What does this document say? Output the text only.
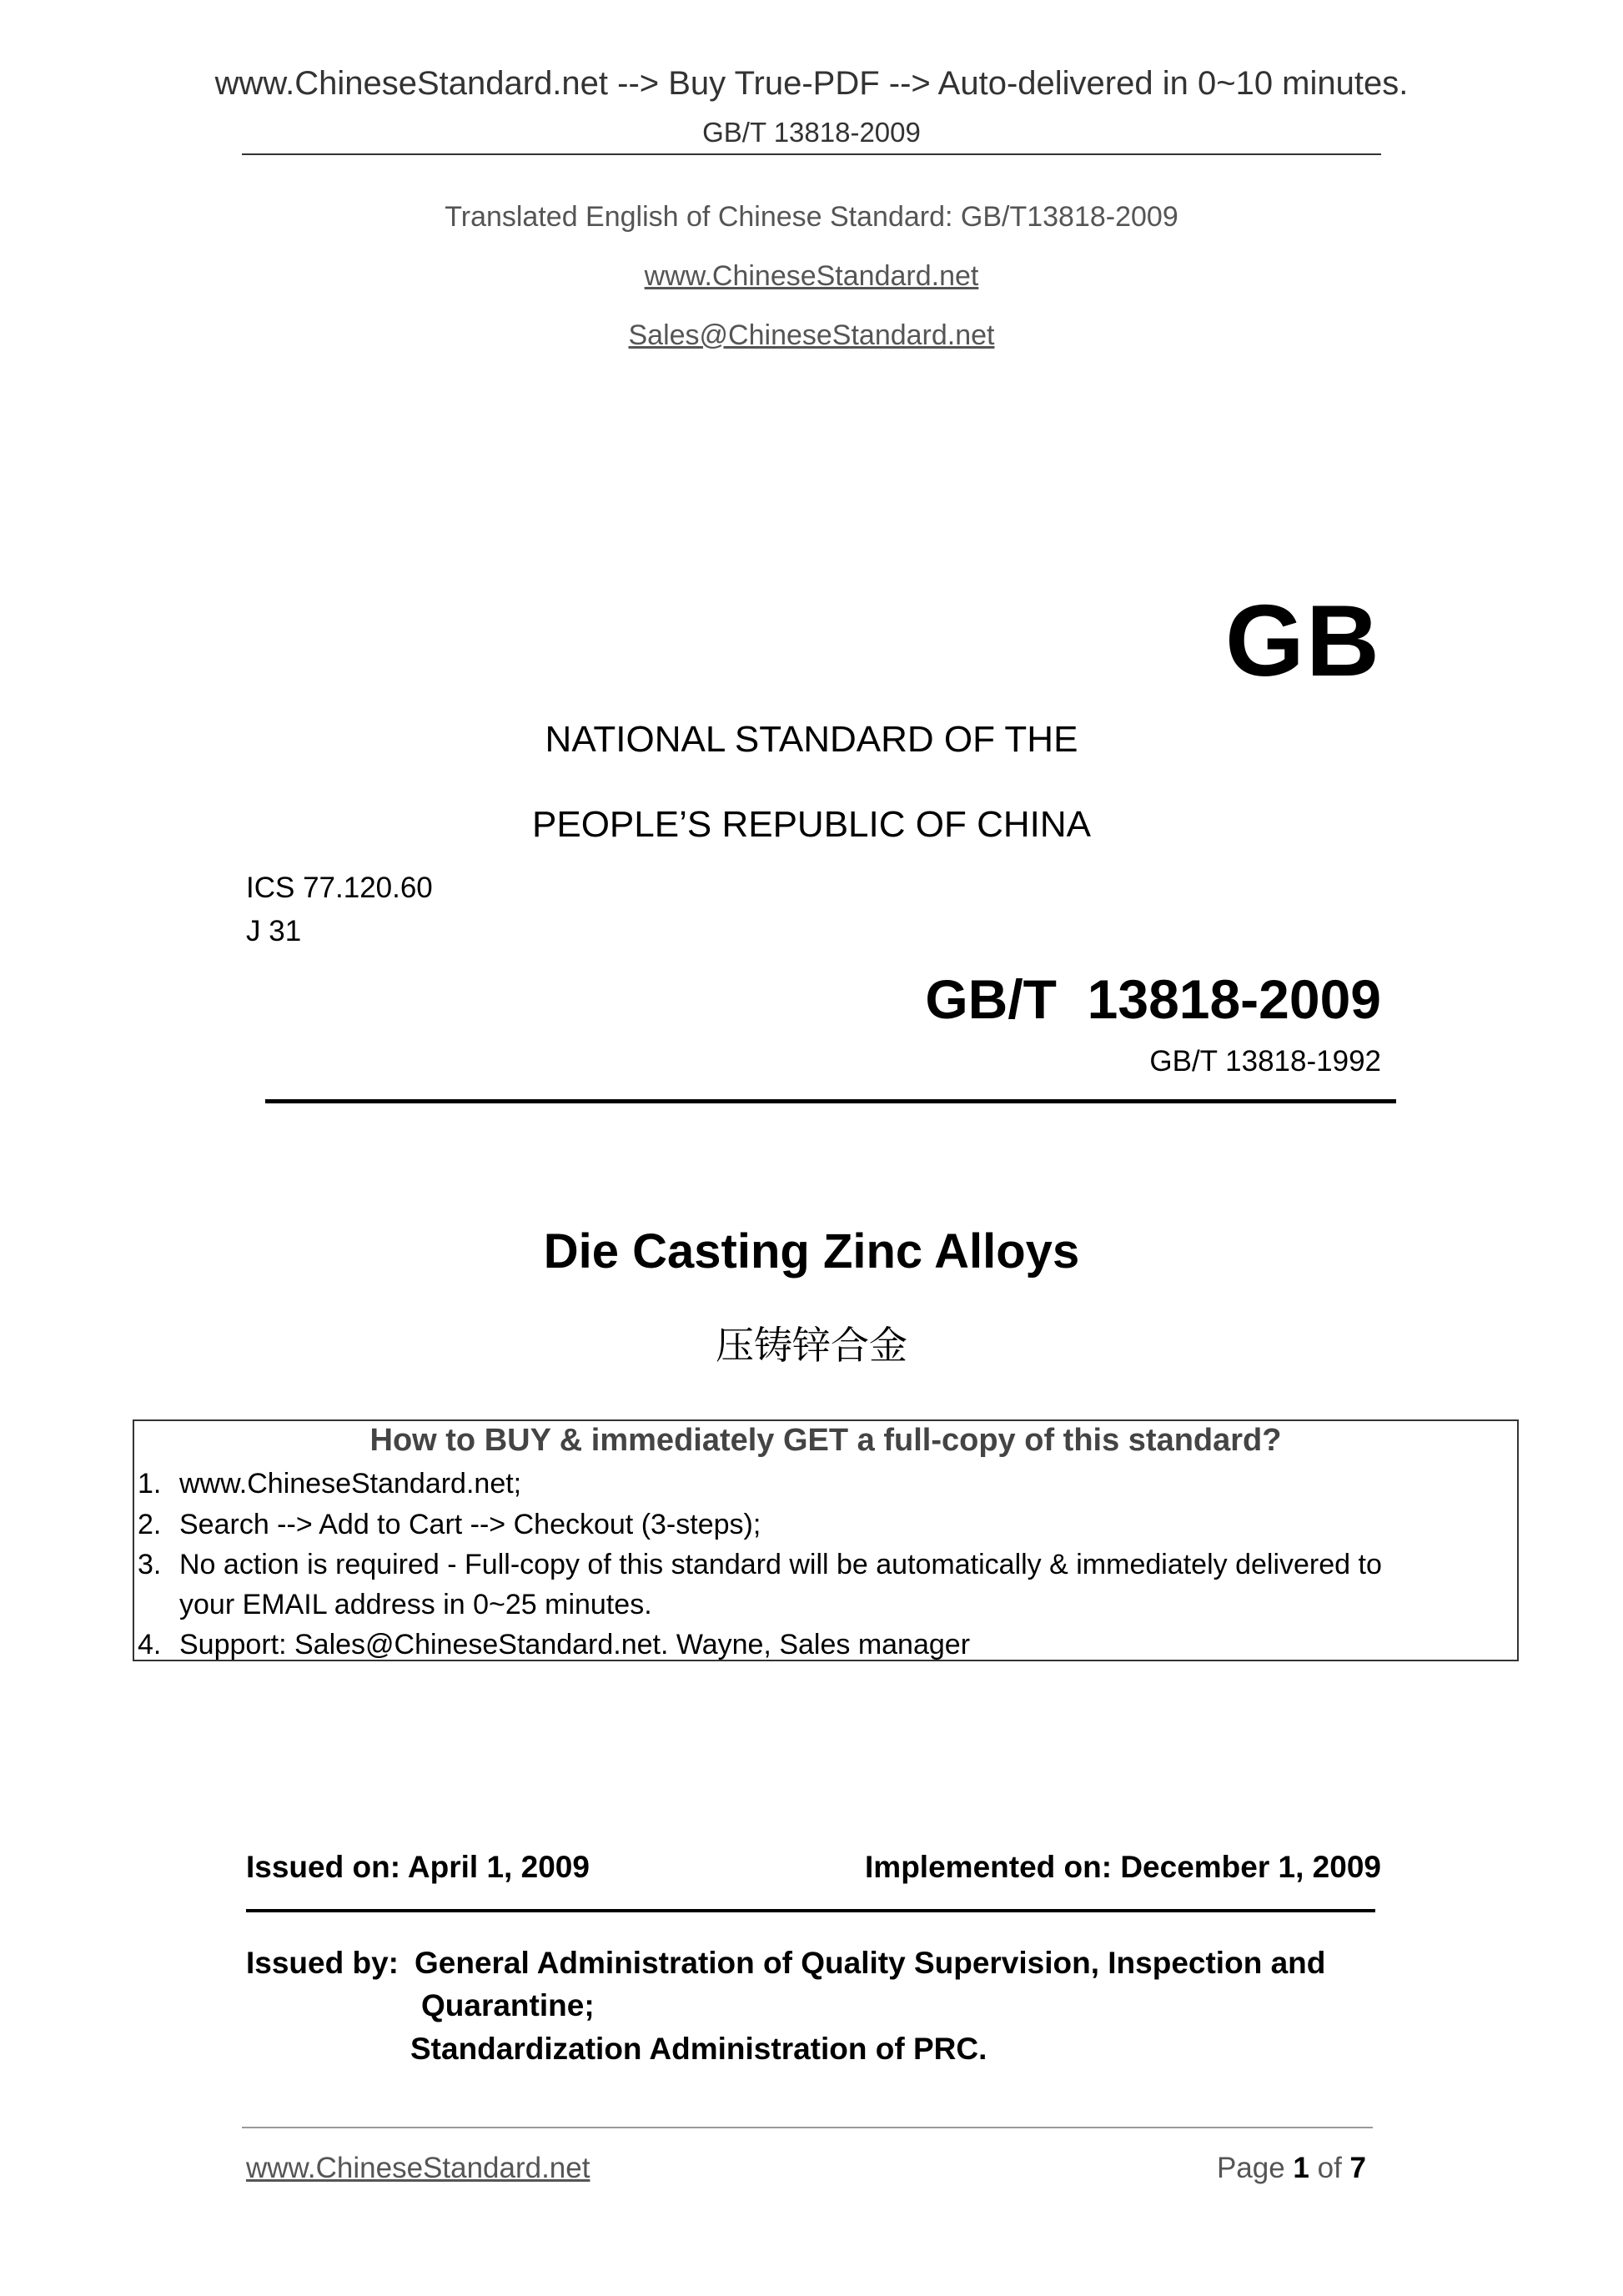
www.ChineseStandard.net --> Buy True-PDF --> Auto-delivered in 0~10 minutes.
GB/T 13818-2009
Translated English of Chinese Standard: GB/T13818-2009
www.ChineseStandard.net
Sales@ChineseStandard.net
GB
NATIONAL STANDARD OF THE
PEOPLE’S REPUBLIC OF CHINA
ICS 77.120.60
J 31
GB/T  13818-2009
GB/T 13818-1992
Die Casting Zinc Alloys
压铸锌合金
How to BUY & immediately GET a full-copy of this standard?
1. www.ChineseStandard.net;
2. Search --> Add to Cart --> Checkout (3-steps);
3. No action is required - Full-copy of this standard will be automatically & immediately delivered to
your EMAIL address in 0~25 minutes.
4. Support: Sales@ChineseStandard.net. Wayne, Sales manager
Issued on: April 1, 2009	Implemented on: December 1, 2009
Issued by: General Administration of Quality Supervision, Inspection and
Quarantine;
Standardization Administration of PRC.
www.ChineseStandard.net	Page 1 of 7
